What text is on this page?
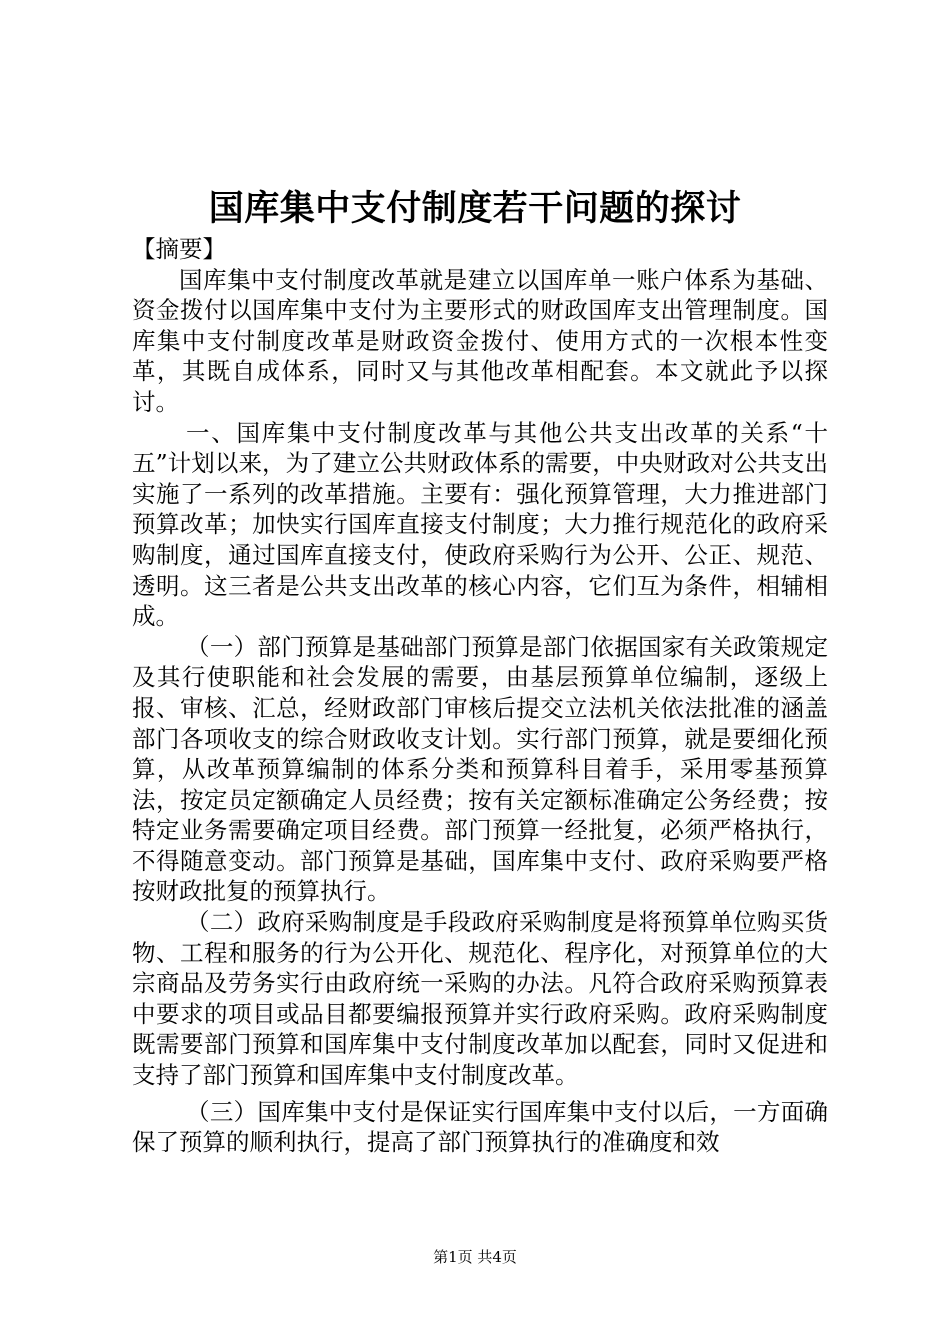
国库集中支付制度若干问题的探讨

【摘要】

国库集中支付制度改革就是建立以国库单一账户体系为基础、资金拨付以国库集中支付为主要形式的财政国库支出管理制度。国库集中支付制度改革是财政资金拨付、使用方式的一次根本性变革，其既自成体系，同时又与其他改革相配套。本文就此予以探讨。

一、国库集中支付制度改革与其他公共支出改革的关系“十五”计划以来，为了建立公共财政体系的需要，中央财政对公共支出实施了一系列的改革措施。主要有：强化预算管理，大力推进部门预算改革；加快实行国库直接支付制度；大力推行规范化的政府采购制度，通过国库直接支付，使政府采购行为公开、公正、规范、透明。这三者是公共支出改革的核心内容，它们互为条件，相辅相成。

（一）部门预算是基础部门预算是部门依据国家有关政策规定及其行使职能和社会发展的需要，由基层预算单位编制，逐级上报、审核、汇总，经财政部门审核后提交立法机关依法批准的涵盖部门各项收支的综合财政收支计划。实行部门预算，就是要细化预算，从改革预算编制的体系分类和预算科目着手，采用零基预算法，按定员定额确定人员经费；按有关定额标准确定公务经费；按特定业务需要确定项目经费。部门预算一经批复，必须严格执行，不得随意变动。部门预算是基础，国库集中支付、政府采购要严格按财政批复的预算执行。

（二）政府采购制度是手段政府采购制度是将预算单位购买货物、工程和服务的行为公开化、规范化、程序化，对预算单位的大宗商品及劳务实行由政府统一采购的办法。凡符合政府采购预算表中要求的项目或品目都要编报预算并实行政府采购。政府采购制度既需要部门预算和国库集中支付制度改革加以配套，同时又促进和支持了部门预算和国库集中支付制度改革。

（三）国库集中支付是保证实行国库集中支付以后，一方面确保了预算的顺利执行，提高了部门预算执行的准确度和效

第1页 共4页
